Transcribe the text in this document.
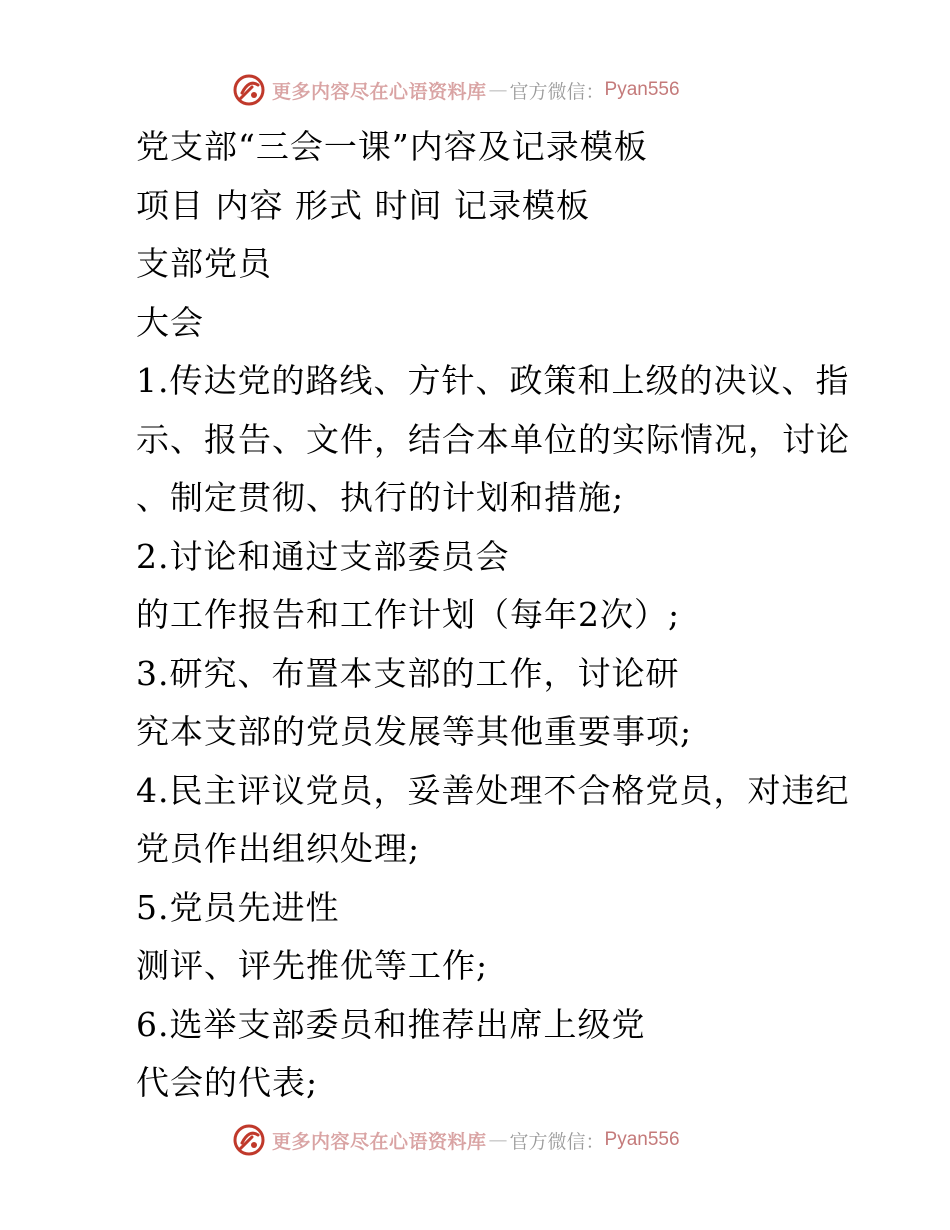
更多内容尽在心语资料库 — 官方微信： Pyan556
党支部“三会一课”内容及记录模板
项目 内容 形式 时间 记录模板
支部党员
大会
1.传达党的路线、方针、政策和上级的决议、指
示、报告、文件，结合本单位的实际情况，讨论
、制定贯彻、执行的计划和措施;
2.讨论和通过支部委员会
的工作报告和工作计划（每年2次）;
3.研究、布置本支部的工作，讨论研
究本支部的党员发展等其他重要事项;
4.民主评议党员，妥善处理不合格党员，对违纪
党员作出组织处理;
5.党员先进性
测评、评先推优等工作;
6.选举支部委员和推荐出席上级党
代会的代表;
更多内容尽在心语资料库 — 官方微信： Pyan556
